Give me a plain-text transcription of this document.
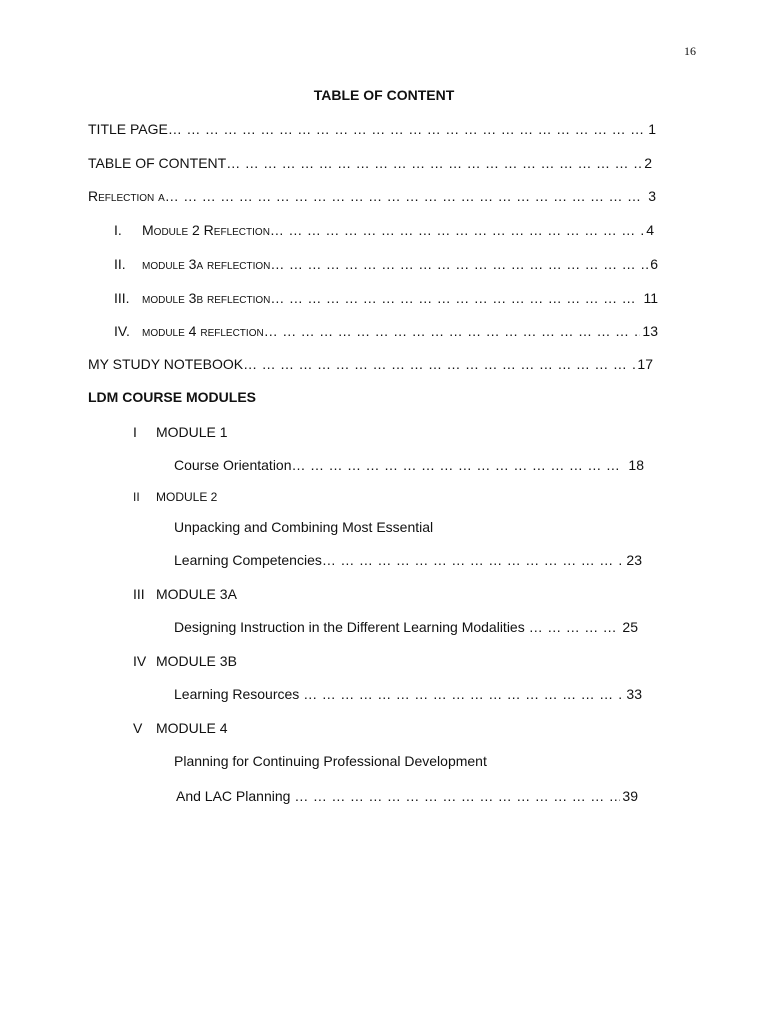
16
TABLE OF CONTENT
TITLE PAGE … … … … … … … … … … … … … … … … … … … … … … … … … … … … … … … … … … … … … … … … … … … … … … … … … … … …	1
TABLE OF CONTENT … … … … … … … … … … … … … … … … … … … … … … … … … … … … … … … … … … … … … … … … … … … … … … … … … … … …	2
Reflection a … … … … … … … … … … … … … … … … … … … … … … … … … … … … … … … … … … … … … … … … … … … … … … … … … … … …	3
I.	Module 2 Reflection … … … … … … … … … … … … … … … … … … … … … … … … … … … … … … … … … … … … … … … … … … … … … … … … … … … …	4
II.	module 3a reflection … … … … … … … … … … … … … … … … … … … … … … … … … … … … … … … … … … … … … … … … … … … … … … … … … … … …	6
III. module 3b reflection … … … … … … … … … … … … … … … … … … … … … … … … … … … … … … … … … … … … … … … … … … … … … … … … … … … …	11
IV. module 4 reflection … … … … … … … … … … … … … … … … … … … … … … … … … … … … … … … … … … … … … … … … … … … … … … … … … … … …	13
MY STUDY NOTEBOOK … … … … … … … … … … … … … … … … … … … … … … … … … … … … … … … … … … … … … … … … … … … … … … … … … … … …	17
LDM COURSE MODULES
I MODULE 1
Course Orientation … … … … … … … … … … … … … … … … … … … … … … … … … … … … … … … … … … … … … … … … … … … … … … … … … … … …	18
II MODULE 2
Unpacking and Combining Most Essential
Learning Competencies … … … … … … … … … … … … … … … … … … … … … … … … … … … … … … … … … … … … … … … … … … … … … … … … … … … …	23
III MODULE 3A
Designing Instruction in the Different Learning Modalities … … … … … … … … … … … … … … … … … … … … … … … … … … … … … … … … … … … … … … … … … … … … … … … … … … … …	25
IV MODULE 3B
Learning Resources … … … … … … … … … … … … … … … … … … … … … … … … … … … … … … … … … … … … … … … … … … … … … … … … … … … …	33
V MODULE 4
Planning for Continuing Professional Development
And LAC Planning … … … … … … … … … … … … … … … … … … … … … … … … … … … … … … … … … … … … … … … … … … … … … … … … … … … …	39
